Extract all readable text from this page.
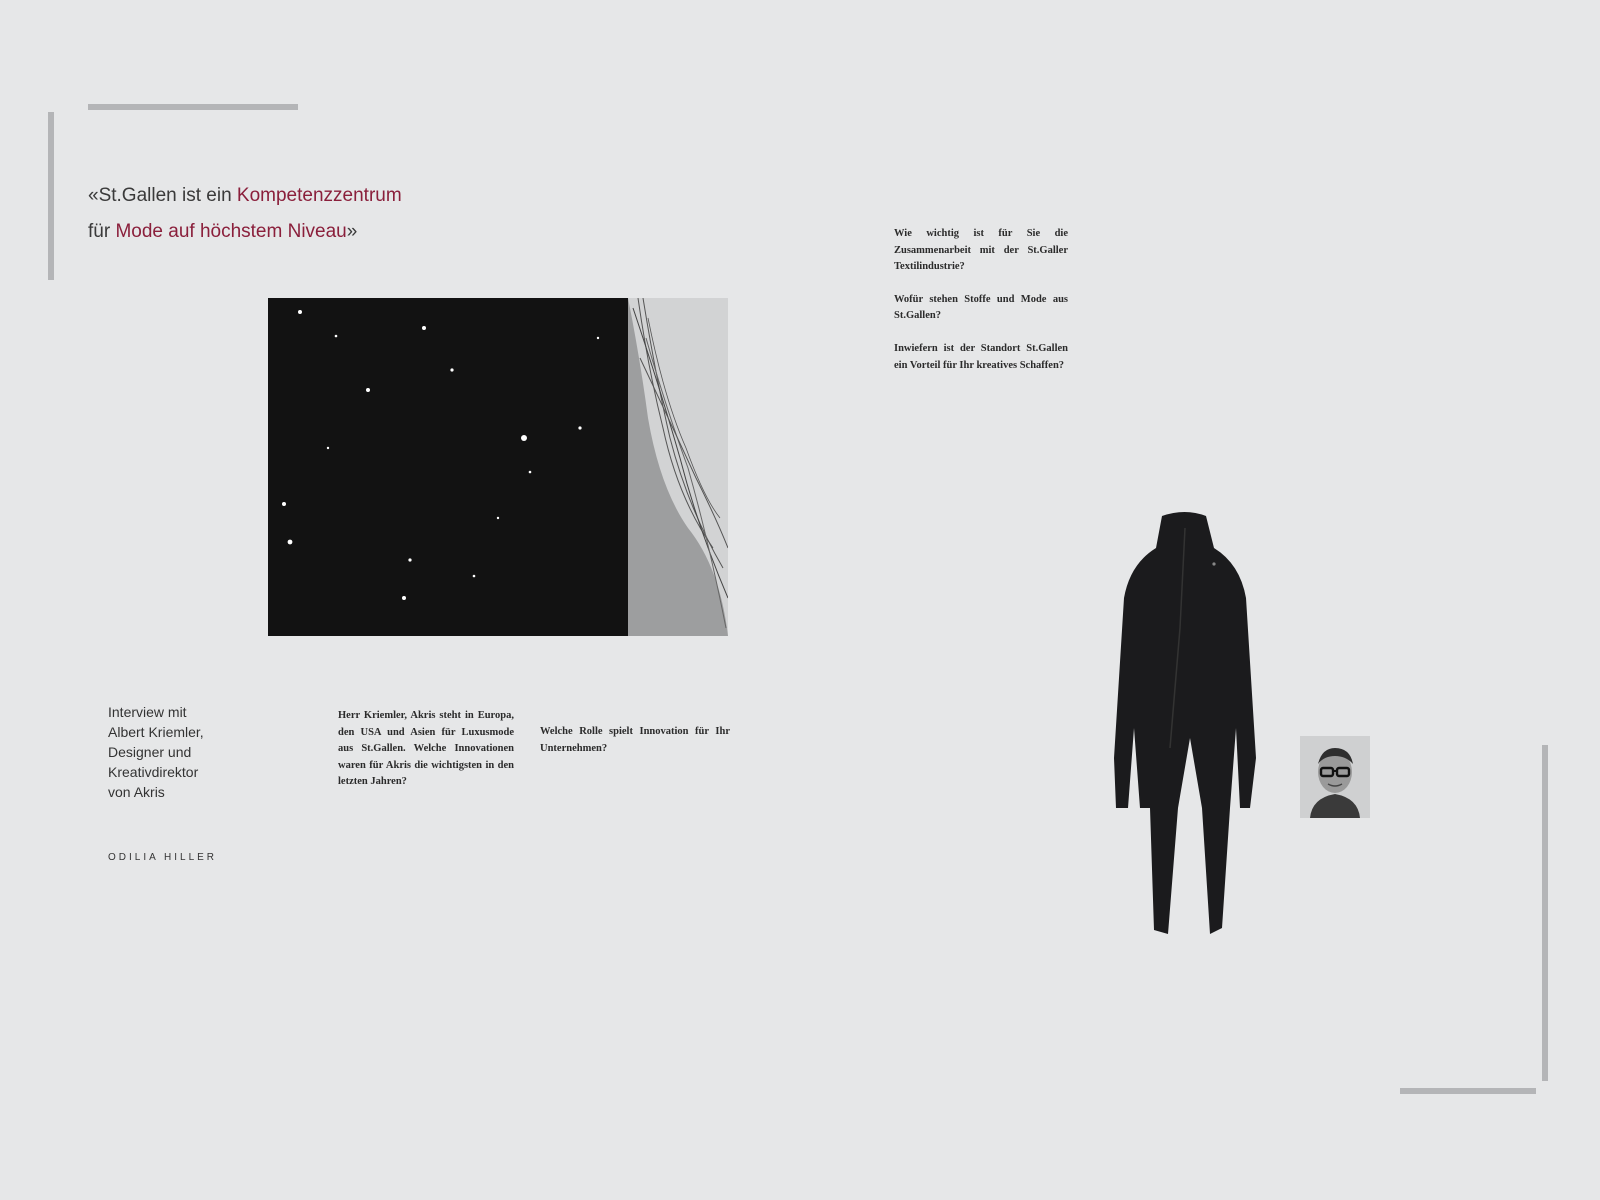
«St.Gallen ist ein Kompetenzzentrum
für Mode auf höchstem Niveau»
Interview mit
Albert Kriemler,
Designer und
Kreativdirektor
von Akris
ODILIA HILLER
Herr Kriemler, Akris steht in Europa, den USA und Asien für Luxusmode aus St.Gallen. Welche Innovationen waren für Akris die wichtigsten in den letzten Jahren?
Welche Rolle spielt Innovation für Ihr Unternehmen?
Wie wichtig ist für Sie die Zusammenarbeit mit der St.Galler Textilindustrie?
Wofür stehen Stoffe und Mode aus St.Gallen?
Inwiefern ist der Standort St.Gallen ein Vorteil für Ihr kreatives Schaffen?
